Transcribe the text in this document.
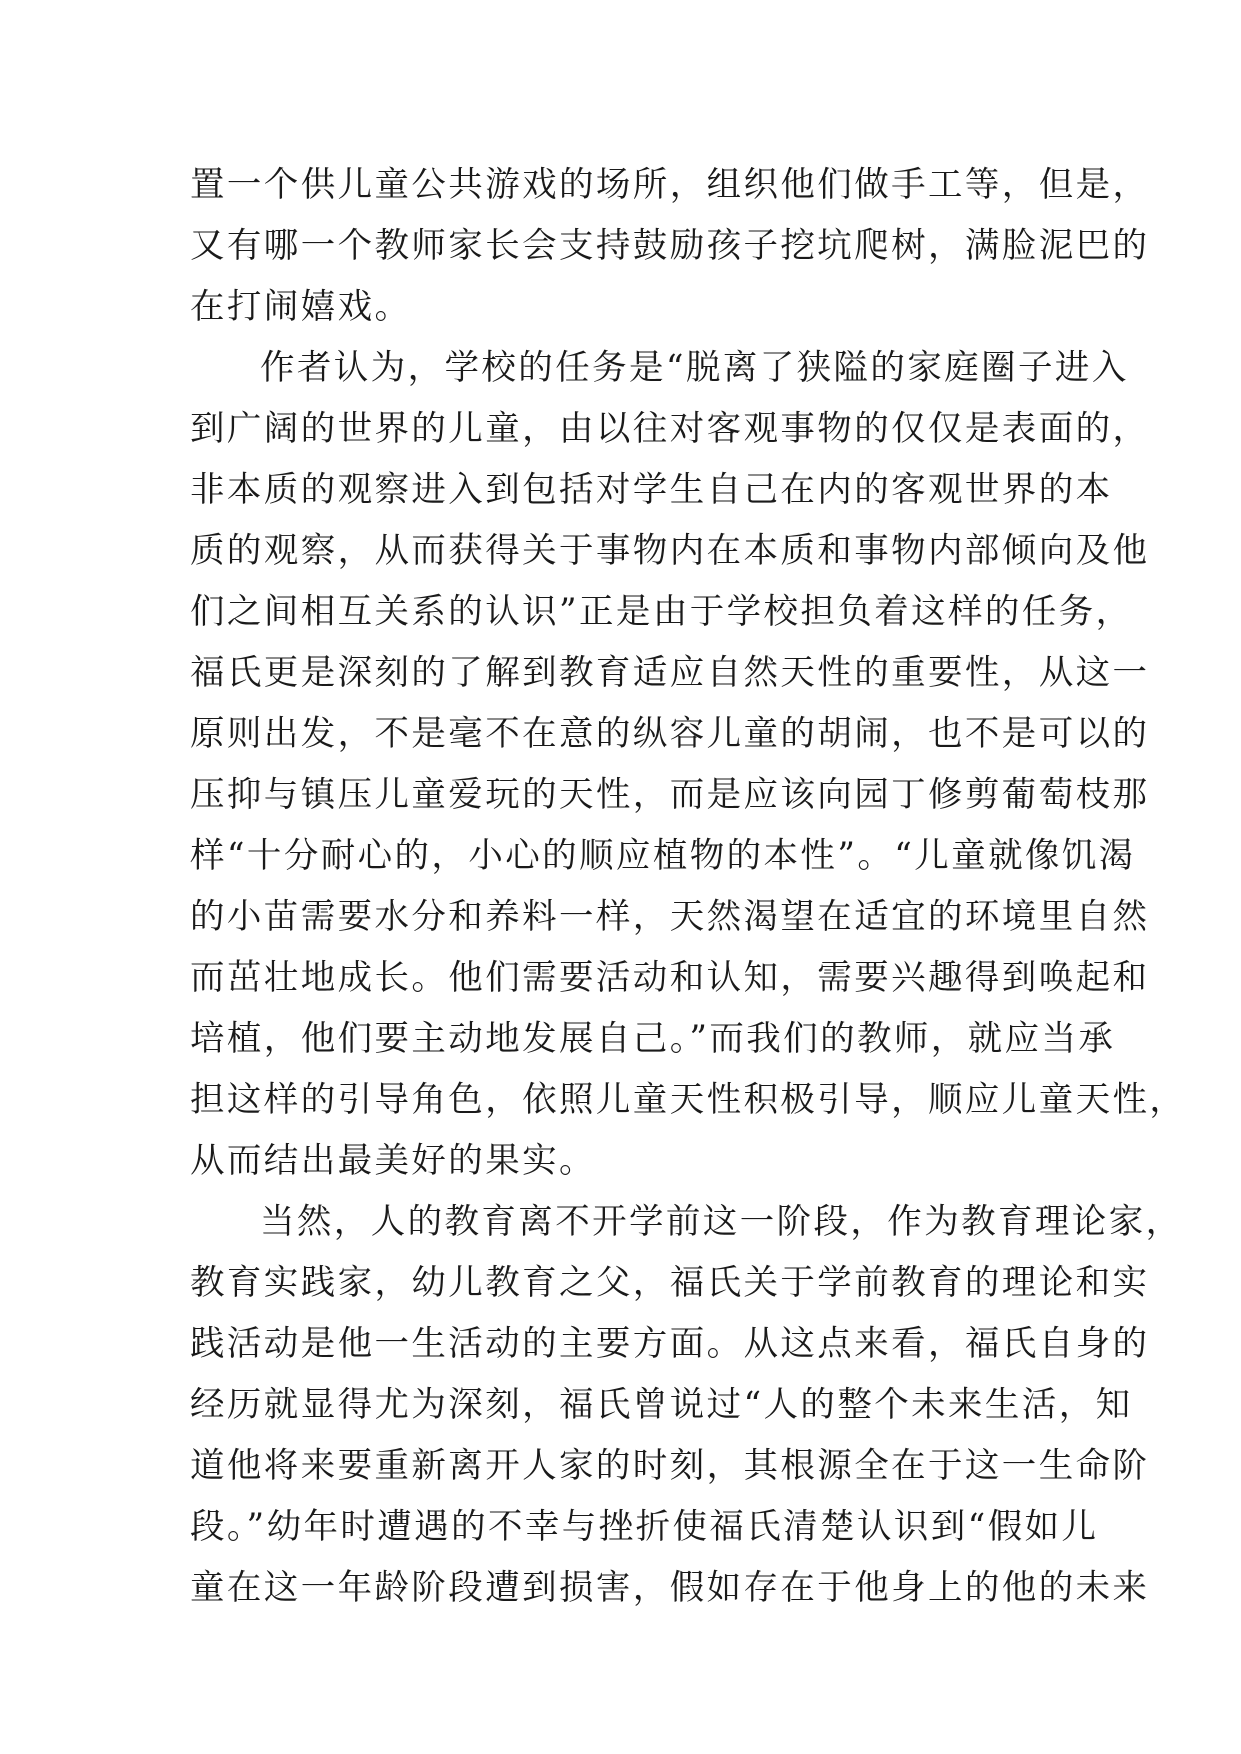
置一个供儿童公共游戏的场所，组织他们做手工等，但是，
又有哪一个教师家长会支持鼓励孩子挖坑爬树，满脸泥巴的
在打闹嬉戏。

作者认为，学校的任务是“脱离了狭隘的家庭圈子进入
到广阔的世界的儿童，由以往对客观事物的仅仅是表面的，
非本质的观察进入到包括对学生自己在内的客观世界的本
质的观察，从而获得关于事物内在本质和事物内部倾向及他
们之间相互关系的认识”正是由于学校担负着这样的任务，
福氏更是深刻的了解到教育适应自然天性的重要性，从这一
原则出发，不是毫不在意的纵容儿童的胡闹，也不是可以的
压抑与镇压儿童爱玩的天性，而是应该向园丁修剪葡萄枝那
样“十分耐心的，小心的顺应植物的本性”。“儿童就像饥渴
的小苗需要水分和养料一样，天然渴望在适宜的环境里自然
而茁壮地成长。他们需要活动和认知，需要兴趣得到唤起和
培植，他们要主动地发展自己。”而我们的教师，就应当承
担这样的引导角色，依照儿童天性积极引导，顺应儿童天性，
从而结出最美好的果实。

当然，人的教育离不开学前这一阶段，作为教育理论家，
教育实践家，幼儿教育之父，福氏关于学前教育的理论和实
践活动是他一生活动的主要方面。从这点来看，福氏自身的
经历就显得尤为深刻，福氏曾说过“人的整个未来生活，知
道他将来要重新离开人家的时刻，其根源全在于这一生命阶
段。”幼年时遭遇的不幸与挫折使福氏清楚认识到“假如儿
童在这一年龄阶段遭到损害，假如存在于他身上的他的未来
